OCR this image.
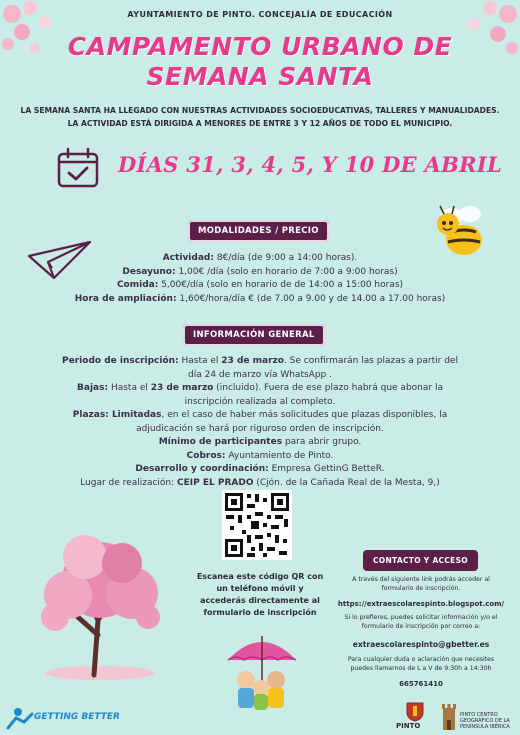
AYUNTAMIENTO DE PINTO. CONCEJALÍA DE EDUCACIÓN
CAMPAMENTO URBANO DE
SEMANA SANTA
LA SEMANA SANTA HA LLEGADO CON NUESTRAS ACTIVIDADES SOCIOEDUCATIVAS, TALLERES Y MANUALIDADES.
LA ACTIVIDAD ESTÁ DIRIGIDA A MENORES DE ENTRE 3 Y 12 AÑOS DE TODO EL MUNICIPIO.
DÍAS 31, 3, 4, 5, Y 10 DE ABRIL
MODALIDADES / PRECIO
Actividad: 8€/día (de 9:00 a 14:00 horas).
Desayuno: 1,00€ /día (solo en horario de 7:00 a 9:00 horas)
Comida: 5,00€/día (solo en horario de de 14:00 a 15:00 horas)
Hora de ampliación: 1,60€/hora/día € (de 7.00 a 9.00 y de 14.00 a 17.00 horas)
INFORMACIÓN GENERAL
Periodo de inscripción: Hasta el 23 de marzo. Se confirmarán las plazas a partir del día 24 de marzo vía WhatsApp .
Bajas: Hasta el 23 de marzo (incluido). Fuera de ese plazo habrá que abonar la inscripción realizada al completo.
Plazas: Limitadas, en el caso de haber más solicitudes que plazas disponibles, la adjudicación se hará por riguroso orden de inscripción.
Mínimo de participantes para abrir grupo.
Cobros: Ayuntamiento de Pinto.
Desarrollo y coordinación: Empresa GettinG BetteR.
Lugar de realización: CEIP EL PRADO (Cjón. de la Cañada Real de la Mesta, 9,)
Escanea este código QR con un teléfono móvil y accederás directamente al formulario de inscripción
CONTACTO Y ACCESO
A través del siguiente link podrás acceder al formulario de inscripción.
https://extraescolarespinto.blogspot.com/
Si lo prefieres, puedes solicitar información y/o el formulario de inscripción por correo a:
extraescolarespinto@gbetter.es
Para cualquier duda o aclaración que necesites puedes llamarnos de L a V de 9:30h a 14:30h
665761410
GETTING BETTER
PINTO
PINTO CENTRO GEOGRÁFICO DE LA PENÍNSULA IBÉRICA
